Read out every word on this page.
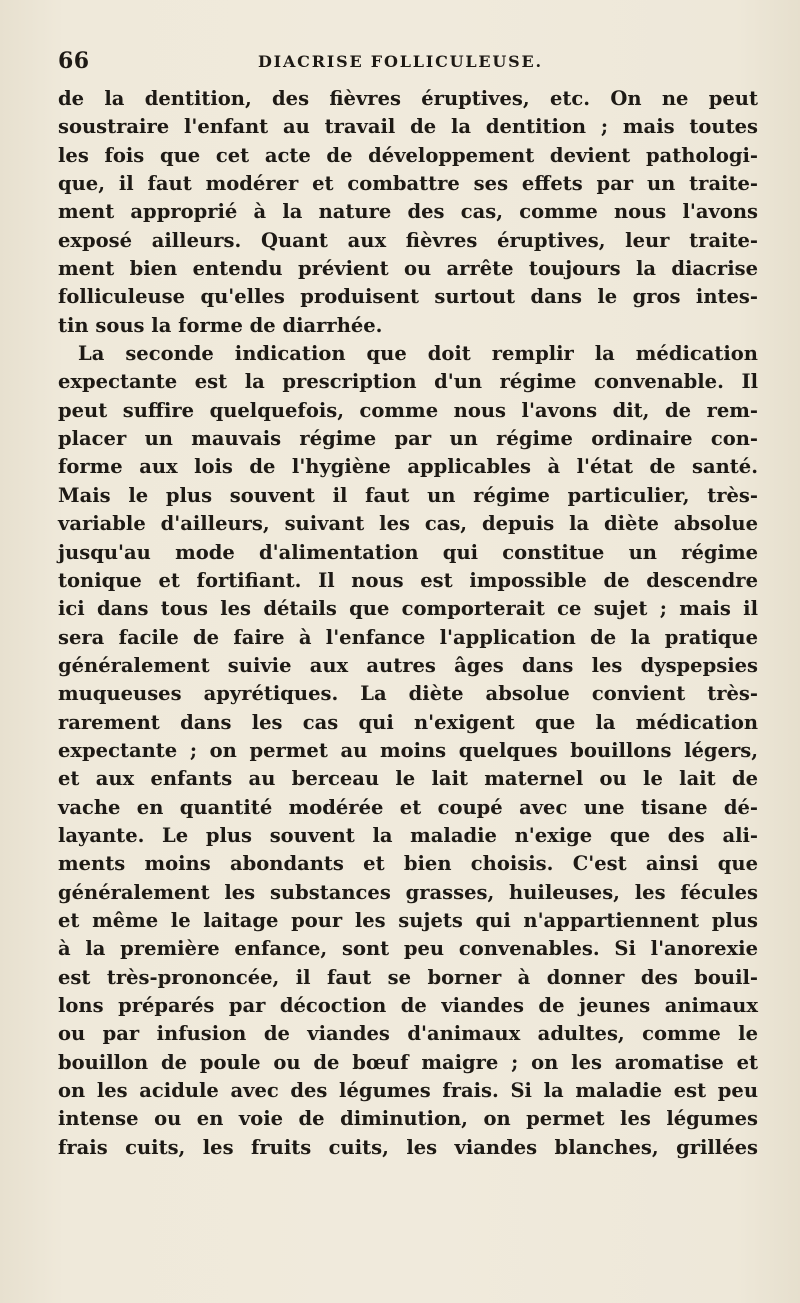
66	DIACRISE FOLLICULEUSE.
de la dentition, des fièvres éruptives, etc. On ne peut
soustraire l'enfant au travail de la dentition ; mais toutes
les fois que cet acte de développement devient pathologi-
que, il faut modérer et combattre ses effets par un traite-
ment approprié à la nature des cas, comme nous l'avons
exposé ailleurs. Quant aux fièvres éruptives, leur traite-
ment bien entendu prévient ou arrête toujours la diacrise
folliculeuse qu'elles produisent surtout dans le gros intes-
tin sous la forme de diarrhée.
La seconde indication que doit remplir la médication
expectante est la prescription d'un régime convenable. Il
peut suffire quelquefois, comme nous l'avons dit, de rem-
placer un mauvais régime par un régime ordinaire con-
forme aux lois de l'hygiène applicables à l'état de santé.
Mais le plus souvent il faut un régime particulier, très-
variable d'ailleurs, suivant les cas, depuis la diète absolue
jusqu'au mode d'alimentation qui constitue un régime
tonique et fortifiant. Il nous est impossible de descendre
ici dans tous les détails que comporterait ce sujet ; mais il
sera facile de faire à l'enfance l'application de la pratique
généralement suivie aux autres âges dans les dyspepsies
muqueuses apyrétiques. La diète absolue convient très-
rarement dans les cas qui n'exigent que la médication
expectante ; on permet au moins quelques bouillons légers,
et aux enfants au berceau le lait maternel ou le lait de
vache en quantité modérée et coupé avec une tisane dé-
layante. Le plus souvent la maladie n'exige que des ali-
ments moins abondants et bien choisis. C'est ainsi que
généralement les substances grasses, huileuses, les fécules
et même le laitage pour les sujets qui n'appartiennent plus
à la première enfance, sont peu convenables. Si l'anorexie
est très-prononcée, il faut se borner à donner des bouil-
lons préparés par décoction de viandes de jeunes animaux
ou par infusion de viandes d'animaux adultes, comme le
bouillon de poule ou de bœuf maigre ; on les aromatise et
on les acidule avec des légumes frais. Si la maladie est peu
intense ou en voie de diminution, on permet les légumes
frais cuits, les fruits cuits, les viandes blanches, grillées
